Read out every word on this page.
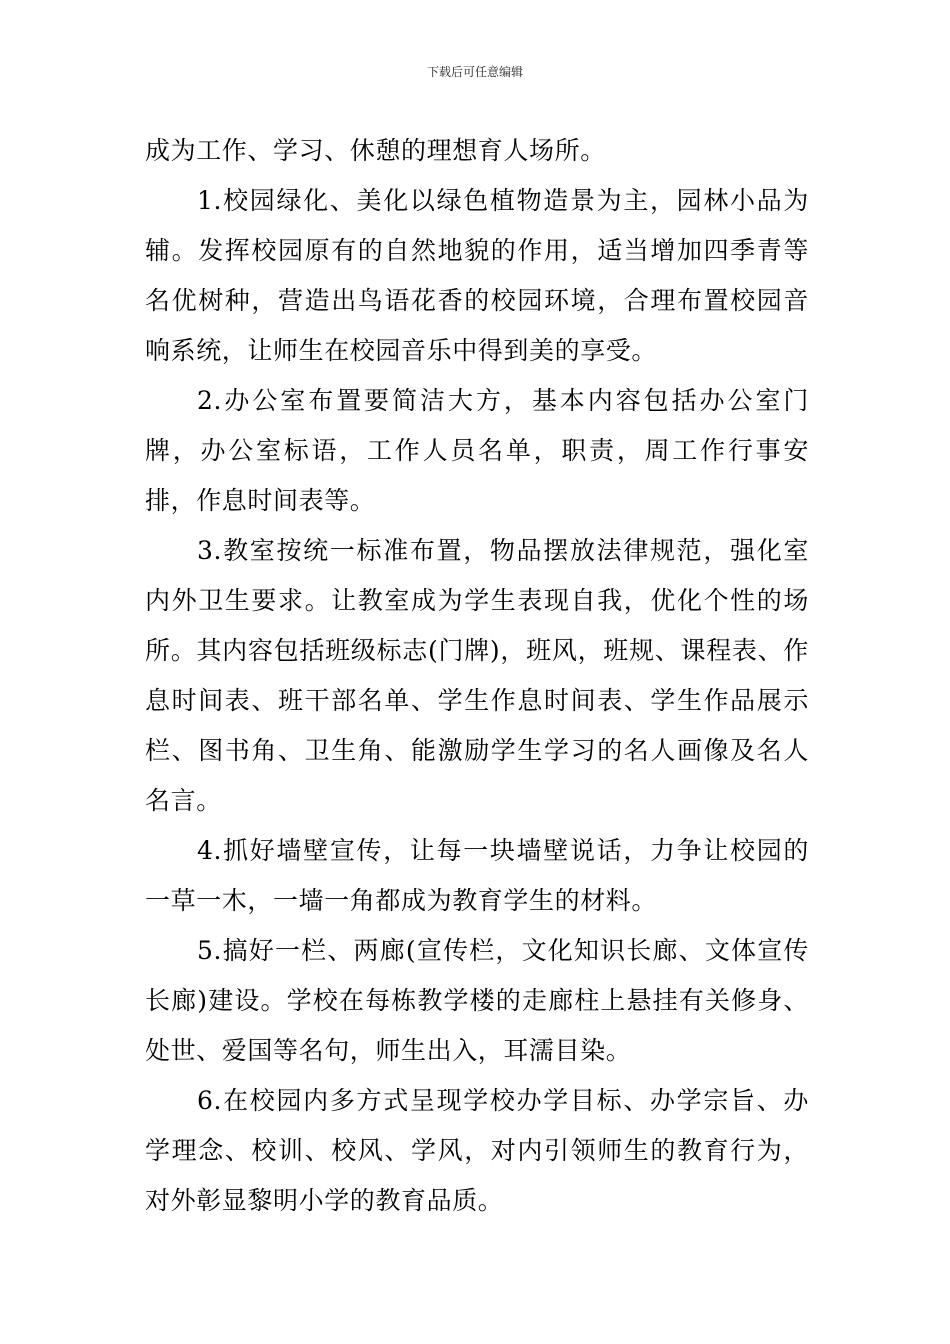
下载后可任意编辑

成为工作、学习、休憩的理想育人场所。

1.校园绿化、美化以绿色植物造景为主，园林小品为辅。发挥校园原有的自然地貌的作用，适当增加四季青等名优树种，营造出鸟语花香的校园环境，合理布置校园音响系统，让师生在校园音乐中得到美的享受。

2.办公室布置要简洁大方，基本内容包括办公室门牌，办公室标语，工作人员名单，职责，周工作行事安排，作息时间表等。

3.教室按统一标准布置，物品摆放法律规范，强化室内外卫生要求。让教室成为学生表现自我，优化个性的场所。其内容包括班级标志(门牌)，班风，班规、课程表、作息时间表、班干部名单、学生作息时间表、学生作品展示栏、图书角、卫生角、能激励学生学习的名人画像及名人名言。

4.抓好墙壁宣传，让每一块墙壁说话，力争让校园的一草一木，一墙一角都成为教育学生的材料。

5.搞好一栏、两廊(宣传栏，文化知识长廊、文体宣传长廊)建设。学校在每栋教学楼的走廊柱上悬挂有关修身、处世、爱国等名句，师生出入，耳濡目染。

6.在校园内多方式呈现学校办学目标、办学宗旨、办学理念、校训、校风、学风，对内引领师生的教育行为，对外彰显黎明小学的教育品质。
